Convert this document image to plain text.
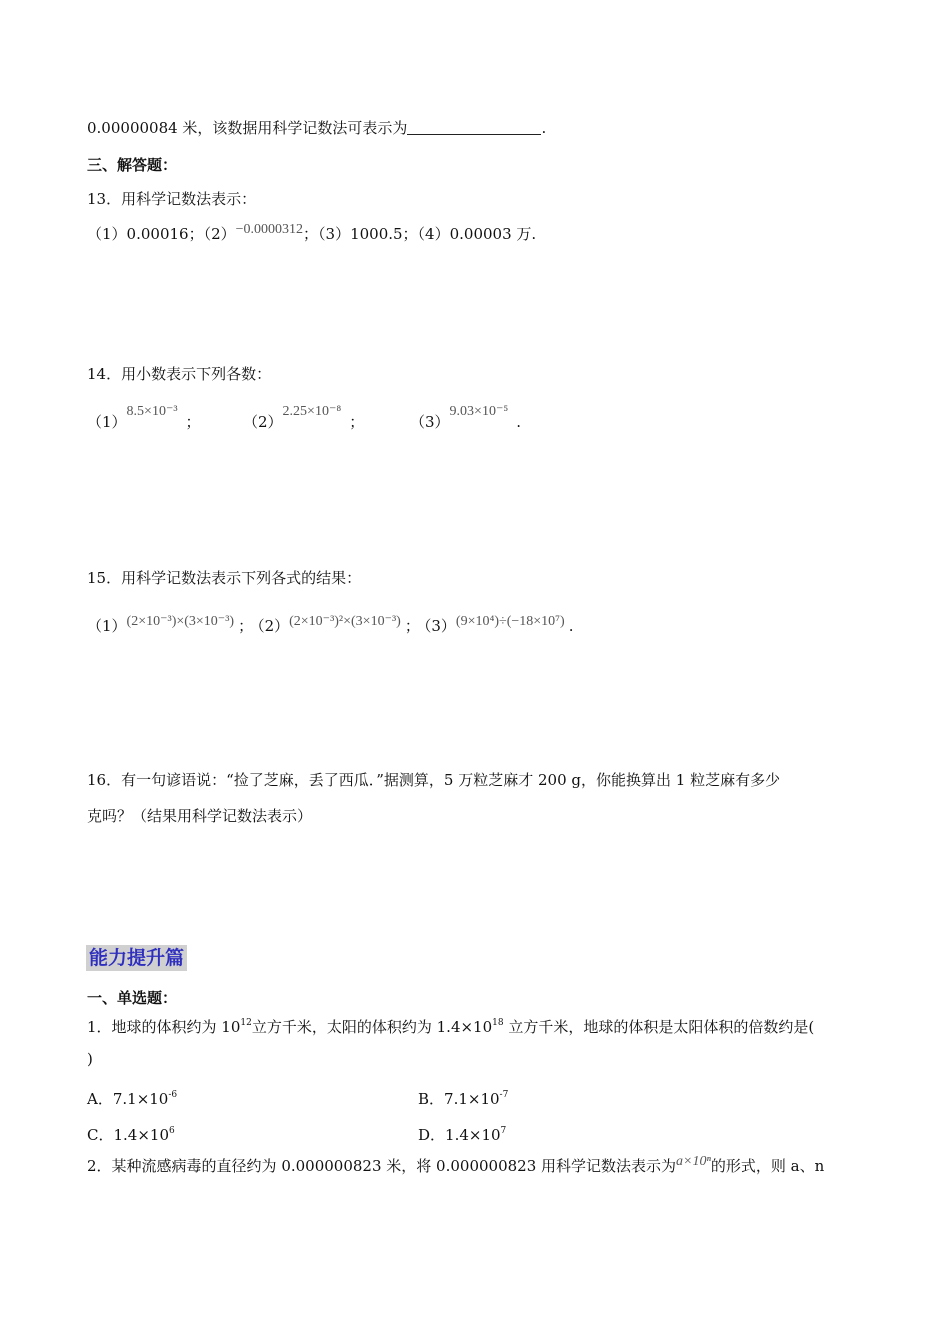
0.00000084 米，该数据用科学记数法可表示为	.
三、解答题：
13．用科学记数法表示：
（1）0.00016；（2）−0.0000312；（3）1000.5；（4）0.00003 万.
14．用小数表示下列各数：
（1）8.5×10⁻³；	（2）2.25×10⁻⁸；	（3）9.03×10⁻⁵.
15．用科学记数法表示下列各式的结果：
（1）(2×10⁻³)×(3×10⁻³) ； （2）(2×10⁻³)²×(3×10⁻³) ； （3）(9×10⁴)÷(−18×10⁷) .
16．有一句谚语说：“捡了芝麻，丢了西瓜．”据测算，5 万粒芝麻才 200 g，你能换算出 1 粒芝麻有多少
克吗？（结果用科学记数法表示）
能力提升篇
一、单选题：
1．地球的体积约为 $10^{12}$立方千米，太阳的体积约为 $1.4\times 10^{18}$ 立方千米，地球的体积是太阳体积的倍数约是(
)
A．$7.1\times 10^{-6}$	B．$7.1\times 10^{-7}$
C．$1.4\times 10^6$	D．$1.4\times 10^7$
2．某种流感病毒的直径约为 0.000000823 米，将 0.000000823 用科学记数法表示为a×10ⁿ的形式，则 a、n
